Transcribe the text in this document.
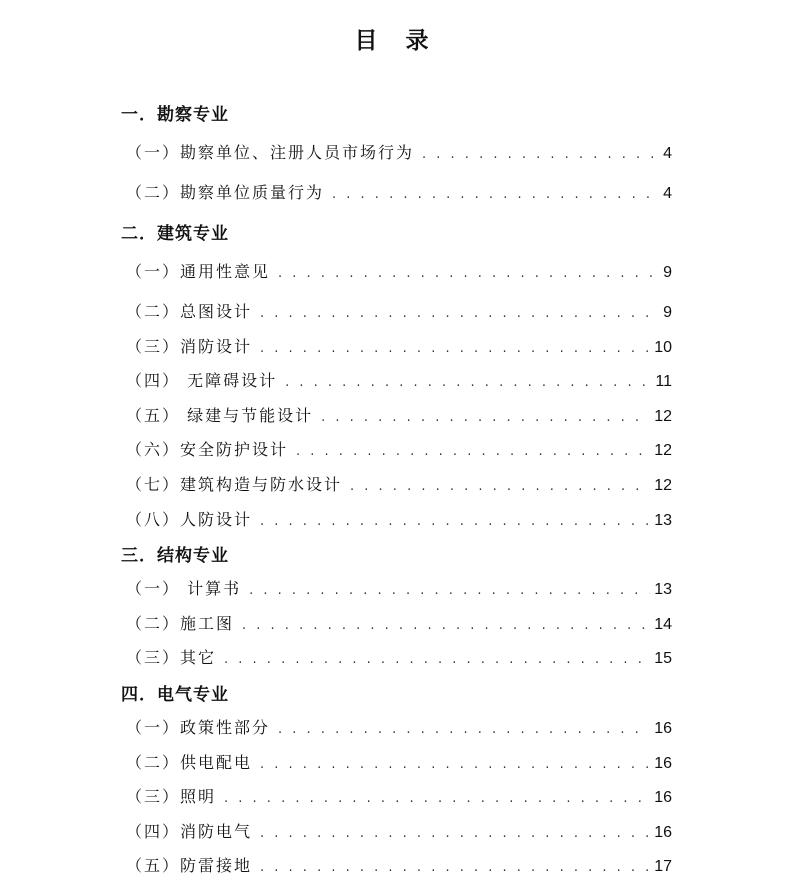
目 录
一．勘察专业
（一）勘察单位、注册人员市场行为 . . .	4
（二）勘察单位质量行为 . . .	4
二．建筑专业
（一）通用性意见 . . .	9
（二）总图设计 . . .	9
（三）消防设计 . . .	10
（四） 无障碍设计 . . .	11
（五） 绿建与节能设计 . . .	12
（六）安全防护设计 . . .	12
（七）建筑构造与防水设计 . . .	12
（八）人防设计 . . .	13
三．结构专业
（一） 计算书 . . .	13
（二）施工图 . . .	14
（三）其它 . . .	15
四．电气专业
（一）政策性部分 . . .	16
（二）供电配电 . . .	16
（三）照明 . . .	16
（四）消防电气 . . .	16
（五）防雷接地 . . .	17
